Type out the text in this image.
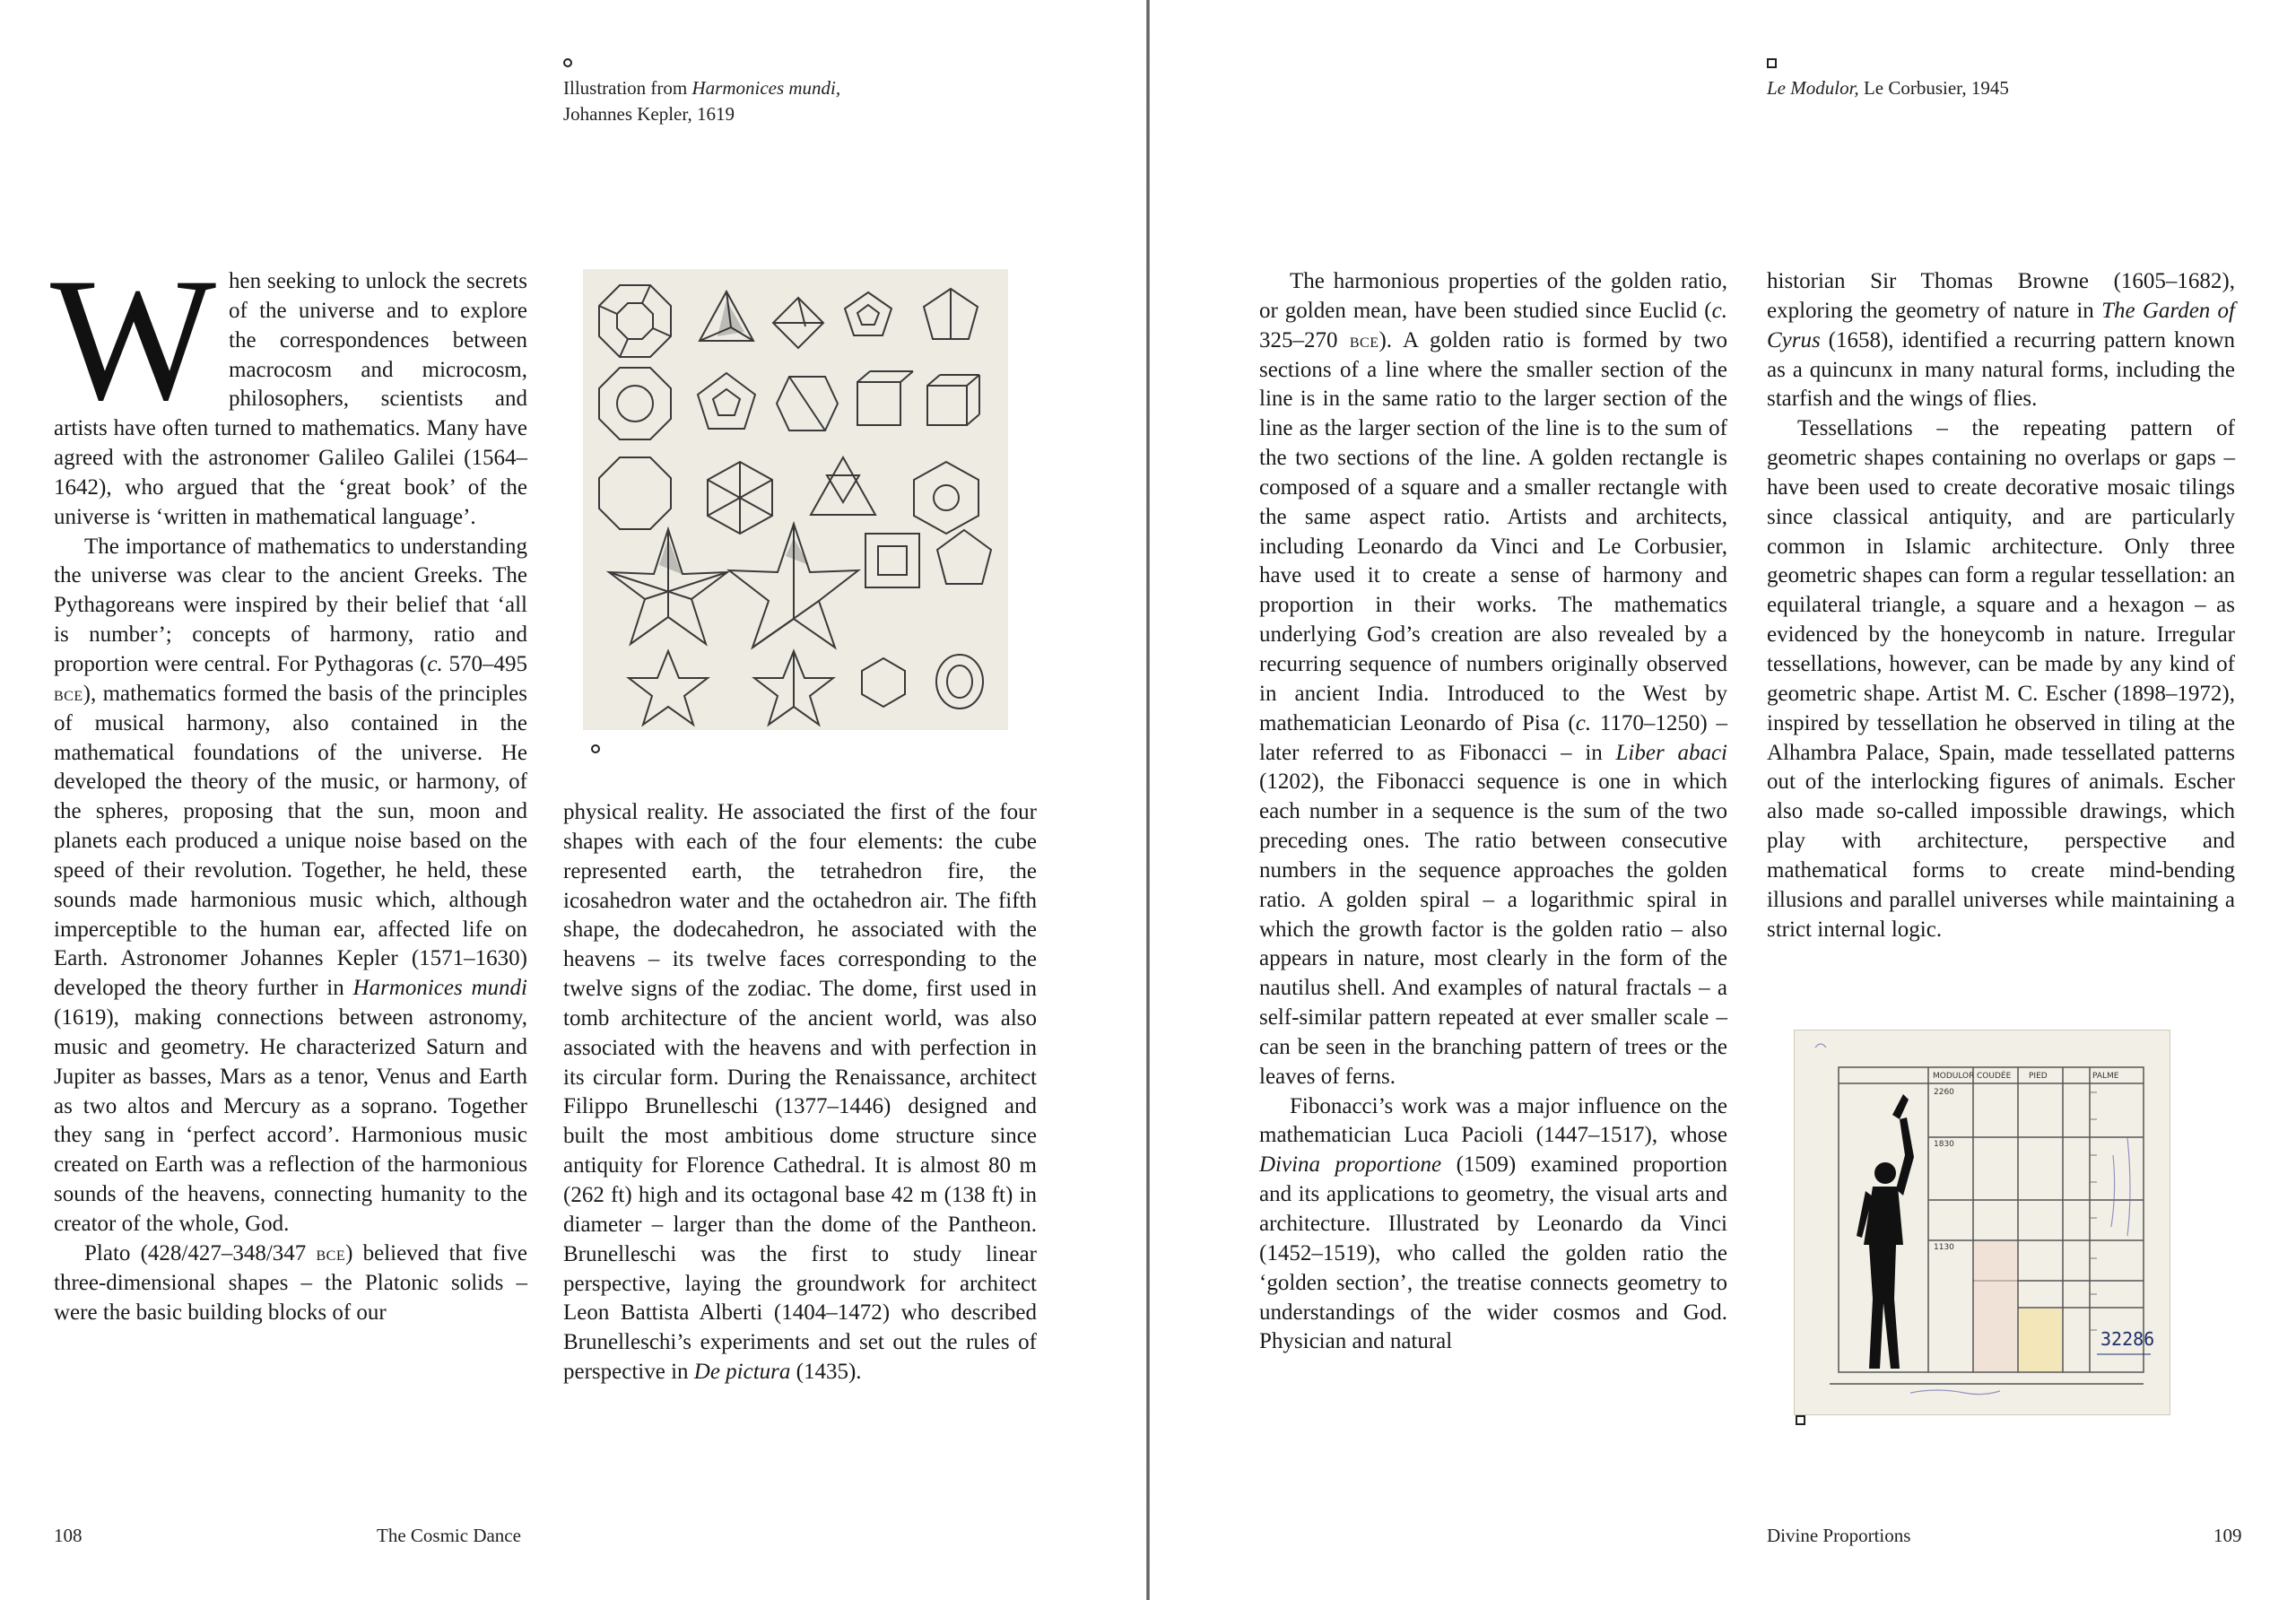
Illustration from Harmonices mundi,
Johannes Kepler, 1619

When seeking to unlock the secrets of the universe and to explore the correspondences between macrocosm and microcosm, philosophers, scientists and artists have often turned to mathematics. Many have agreed with the astronomer Galileo Galilei (1564–1642), who argued that the ‘great book’ of the universe is ‘written in mathematical language’.

The importance of mathematics to understanding the universe was clear to the ancient Greeks. The Pythagoreans were inspired by their belief that ‘all is number’; concepts of harmony, ratio and proportion were central. For Pythagoras (c. 570–495 bce), mathematics formed the basis of the principles of musical harmony, also contained in the mathematical foundations of the universe. He developed the theory of the music, or harmony, of the spheres, proposing that the sun, moon and planets each produced a unique noise based on the speed of their revolution. Together, he held, these sounds made harmonious music which, although imperceptible to the human ear, affected life on Earth. Astronomer Johannes Kepler (1571–1630) developed the theory further in Harmonices mundi (1619), making connections between astronomy, music and geometry. He characterized Saturn and Jupiter as basses, Mars as a tenor, Venus and Earth as two altos and Mercury as a soprano. Together they sang in ‘perfect accord’. Harmonious music created on Earth was a reflection of the harmonious sounds of the heavens, connecting humanity to the creator of the whole, God.

Plato (428/427–348/347 bce) believed that five three-dimensional shapes – the Platonic solids – were the basic building blocks of our

physical reality. He associated the first of the four shapes with each of the four elements: the cube represented earth, the tetrahedron fire, the icosahedron water and the octahedron air. The fifth shape, the dodecahedron, he associated with the heavens – its twelve faces corresponding to the twelve signs of the zodiac. The dome, first used in tomb architecture of the ancient world, was also associated with the heavens and with perfection in its circular form. During the Renaissance, architect Filippo Brunelleschi (1377–1446) designed and built the most ambitious dome structure since antiquity for Florence Cathedral. It is almost 80 m (262 ft) high and its octagonal base 42 m (138 ft) in diameter – larger than the dome of the Pantheon. Brunelleschi was the first to study linear perspective, laying the groundwork for architect Leon Battista Alberti (1404–1472) who described Brunelleschi’s experiments and set out the rules of perspective in De pictura (1435).

108	The Cosmic Dance
Le Modulor, Le Corbusier, 1945

The harmonious properties of the golden ratio, or golden mean, have been studied since Euclid (c. 325–270 bce). A golden ratio is formed by two sections of a line where the smaller section of the line is in the same ratio to the larger section of the line as the larger section of the line is to the sum of the two sections of the line. A golden rectangle is composed of a square and a smaller rectangle with the same aspect ratio. Artists and architects, including Leonardo da Vinci and Le Corbusier, have used it to create a sense of harmony and proportion in their works. The mathematics underlying God’s creation are also revealed by a recurring sequence of numbers originally observed in ancient India. Introduced to the West by mathematician Leonardo of Pisa (c. 1170–1250) – later referred to as Fibonacci – in Liber abaci (1202), the Fibonacci sequence is one in which each number in a sequence is the sum of the two preceding ones. The ratio between consecutive numbers in the sequence approaches the golden ratio. A golden spiral – a logarithmic spiral in which the growth factor is the golden ratio – also appears in nature, most clearly in the form of the nautilus shell. And examples of natural fractals – a self-similar pattern repeated at ever smaller scale – can be seen in the branching pattern of trees or the leaves of ferns.

Fibonacci’s work was a major influence on the mathematician Luca Pacioli (1447–1517), whose Divina proportione (1509) examined proportion and its applications to geometry, the visual arts and architecture. Illustrated by Leonardo da Vinci (1452–1519), who called the golden ratio the ‘golden section’, the treatise connects geometry to understandings of the wider cosmos and God. Physician and natural

historian Sir Thomas Browne (1605–1682), exploring the geometry of nature in The Garden of Cyrus (1658), identified a recurring pattern known as a quincunx in many natural forms, including the starfish and the wings of flies.

Tessellations – the repeating pattern of geometric shapes containing no overlaps or gaps – have been used to create decorative mosaic tilings since classical antiquity, and are particularly common in Islamic architecture. Only three geometric shapes can form a regular tessellation: an equilateral triangle, a square and a hexagon – as evidenced by the honeycomb in nature. Irregular tessellations, however, can be made by any kind of geometric shape. Artist M. C. Escher (1898–1972), inspired by tessellation he observed in tiling at the Alhambra Palace, Spain, made tessellated patterns out of the interlocking figures of animals. Escher also made so-called impossible drawings, which play with architecture, perspective and mathematical forms to create mind-bending illusions and parallel universes while maintaining a strict internal logic.

MODULOR COUDÉE PIED	PALME
2260
1830
1130
32286
Divine Proportions	109
